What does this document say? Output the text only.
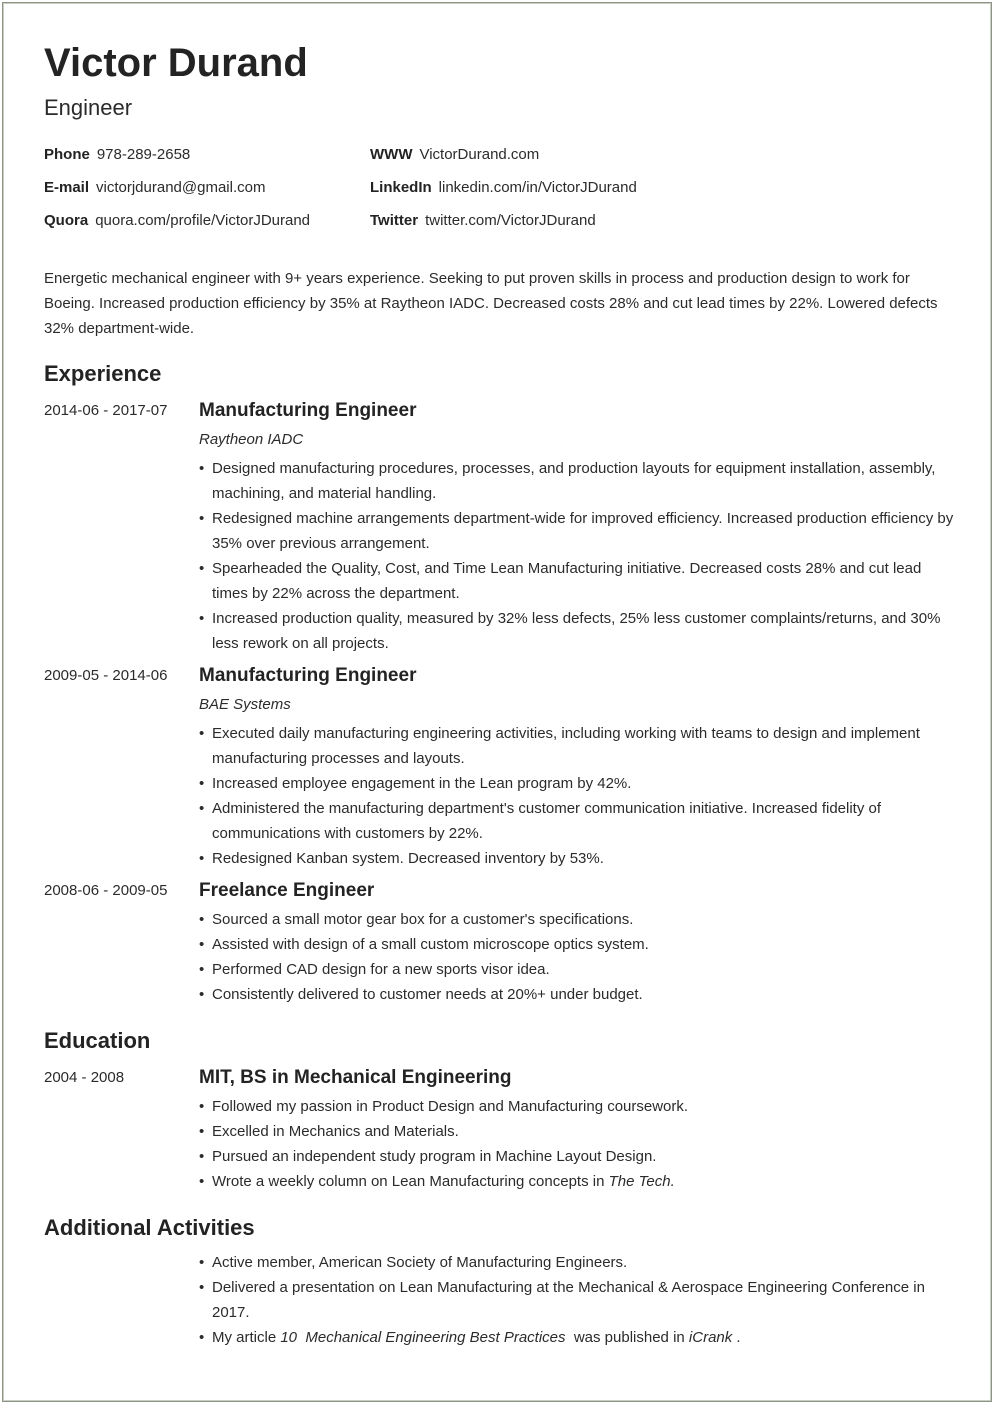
Victor Durand
Engineer
Phone 978-289-2658	WWW VictorDurand.com
E-mail victorjdurand@gmail.com	LinkedIn linkedin.com/in/VictorJDurand
Quora quora.com/profile/VictorJDurand	Twitter twitter.com/VictorJDurand

Energetic mechanical engineer with 9+ years experience. Seeking to put proven skills in process and production design to work for Boeing. Increased production efficiency by 35% at Raytheon IADC. Decreased costs 28% and cut lead times by 22%. Lowered defects 32% department-wide.

Experience
2014-06 - 2017-07 Manufacturing Engineer
Raytheon IADC
• Designed manufacturing procedures, processes, and production layouts for equipment installation, assembly, machining, and material handling.
• Redesigned machine arrangements department-wide for improved efficiency. Increased production efficiency by 35% over previous arrangement.
• Spearheaded the Quality, Cost, and Time Lean Manufacturing initiative. Decreased costs 28% and cut lead times by 22% across the department.
• Increased production quality, measured by 32% less defects, 25% less customer complaints/returns, and 30% less rework on all projects.
2009-05 - 2014-06 Manufacturing Engineer
BAE Systems
• Executed daily manufacturing engineering activities, including working with teams to design and implement manufacturing processes and layouts.
• Increased employee engagement in the Lean program by 42%.
• Administered the manufacturing department's customer communication initiative. Increased fidelity of communications with customers by 22%.
• Redesigned Kanban system. Decreased inventory by 53%.
2008-06 - 2009-05 Freelance Engineer
• Sourced a small motor gear box for a customer's specifications.
• Assisted with design of a small custom microscope optics system.
• Performed CAD design for a new sports visor idea.
• Consistently delivered to customer needs at 20%+ under budget.
Education
2004 - 2008	MIT, BS in Mechanical Engineering
• Followed my passion in Product Design and Manufacturing coursework.
• Excelled in Mechanics and Materials.
• Pursued an independent study program in Machine Layout Design.
• Wrote a weekly column on Lean Manufacturing concepts in The Tech.
Additional Activities
• Active member, American Society of Manufacturing Engineers.
• Delivered a presentation on Lean Manufacturing at the Mechanical & Aerospace Engineering Conference in 2017.
• My article 10  Mechanical Engineering Best Practices  was published in iCrank .
